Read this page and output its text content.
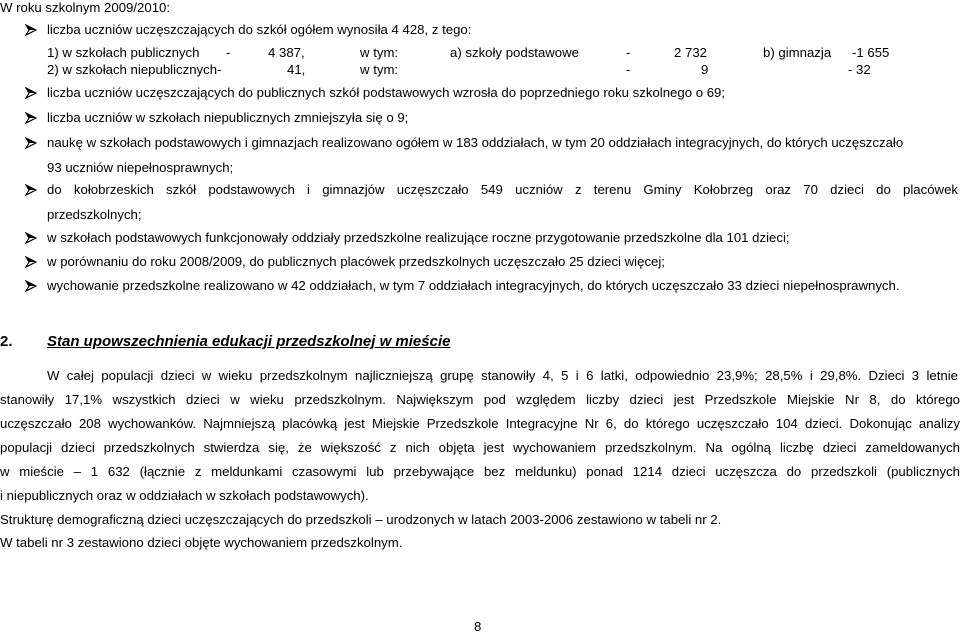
W roku szkolnym 2009/2010:
liczba uczniów uczęszczających do szkół ogółem wynosiła 4 428, z tego:
1) w szkołach publicznych -	4 387,	w tym:	a) szkoły podstawowe	-	2 732	b) gimnazja -1 655
2) w szkołach niepublicznych-	41,	w tym:	-	9	- 32
liczba uczniów uczęszczających do publicznych szkół podstawowych wzrosła do poprzedniego roku szkolnego o 69;
liczba uczniów w szkołach niepublicznych zmniejszyła się o 9;
naukę w szkołach podstawowych i gimnazjach realizowano ogółem w 183 oddziałach, w tym 20 oddziałach integracyjnych, do których uczęszczało
93 uczniów niepełnosprawnych;
do kołobrzeskich szkół podstawowych i gimnazjów uczęszczało 549 uczniów z terenu Gminy Kołobrzeg oraz 70 dzieci do placówek
przedszkolnych;
w szkołach podstawowych funkcjonowały oddziały przedszkolne realizujące roczne przygotowanie przedszkolne dla 101 dzieci;
w porównaniu do roku 2008/2009, do publicznych placówek przedszkolnych uczęszczało 25 dzieci więcej;
wychowanie przedszkolne realizowano w 42 oddziałach, w tym 7 oddziałach integracyjnych, do których uczęszczało 33 dzieci niepełnosprawnych.
2. Stan upowszechnienia edukacji przedszkolnej w mieście
W całej populacji dzieci w wieku przedszkolnym najliczniejszą grupę stanowiły 4, 5 i 6 latki, odpowiednio 23,9%; 28,5% i 29,8%. Dzieci 3 letnie
stanowiły 17,1% wszystkich dzieci w wieku przedszkolnym. Największym pod względem liczby dzieci jest Przedszkole Miejskie Nr 8, do którego
uczęszczało 208 wychowanków. Najmniejszą placówką jest Miejskie Przedszkole Integracyjne Nr 6, do którego uczęszczało 104 dzieci. Dokonując analizy
populacji dzieci przedszkolnych stwierdza się, że większość z nich objęta jest wychowaniem przedszkolnym. Na ogólną liczbę dzieci zameldowanych
w mieście – 1 632 (łącznie z meldunkami czasowymi lub przebywające bez meldunku) ponad 1214 dzieci uczęszcza do przedszkoli (publicznych
i niepublicznych oraz w oddziałach w szkołach podstawowych).
Strukturę demograficzną dzieci uczęszczających do przedszkoli – urodzonych w latach 2003-2006 zestawiono w tabeli nr 2.
W tabeli nr 3 zestawiono dzieci objęte wychowaniem przedszkolnym.
8
